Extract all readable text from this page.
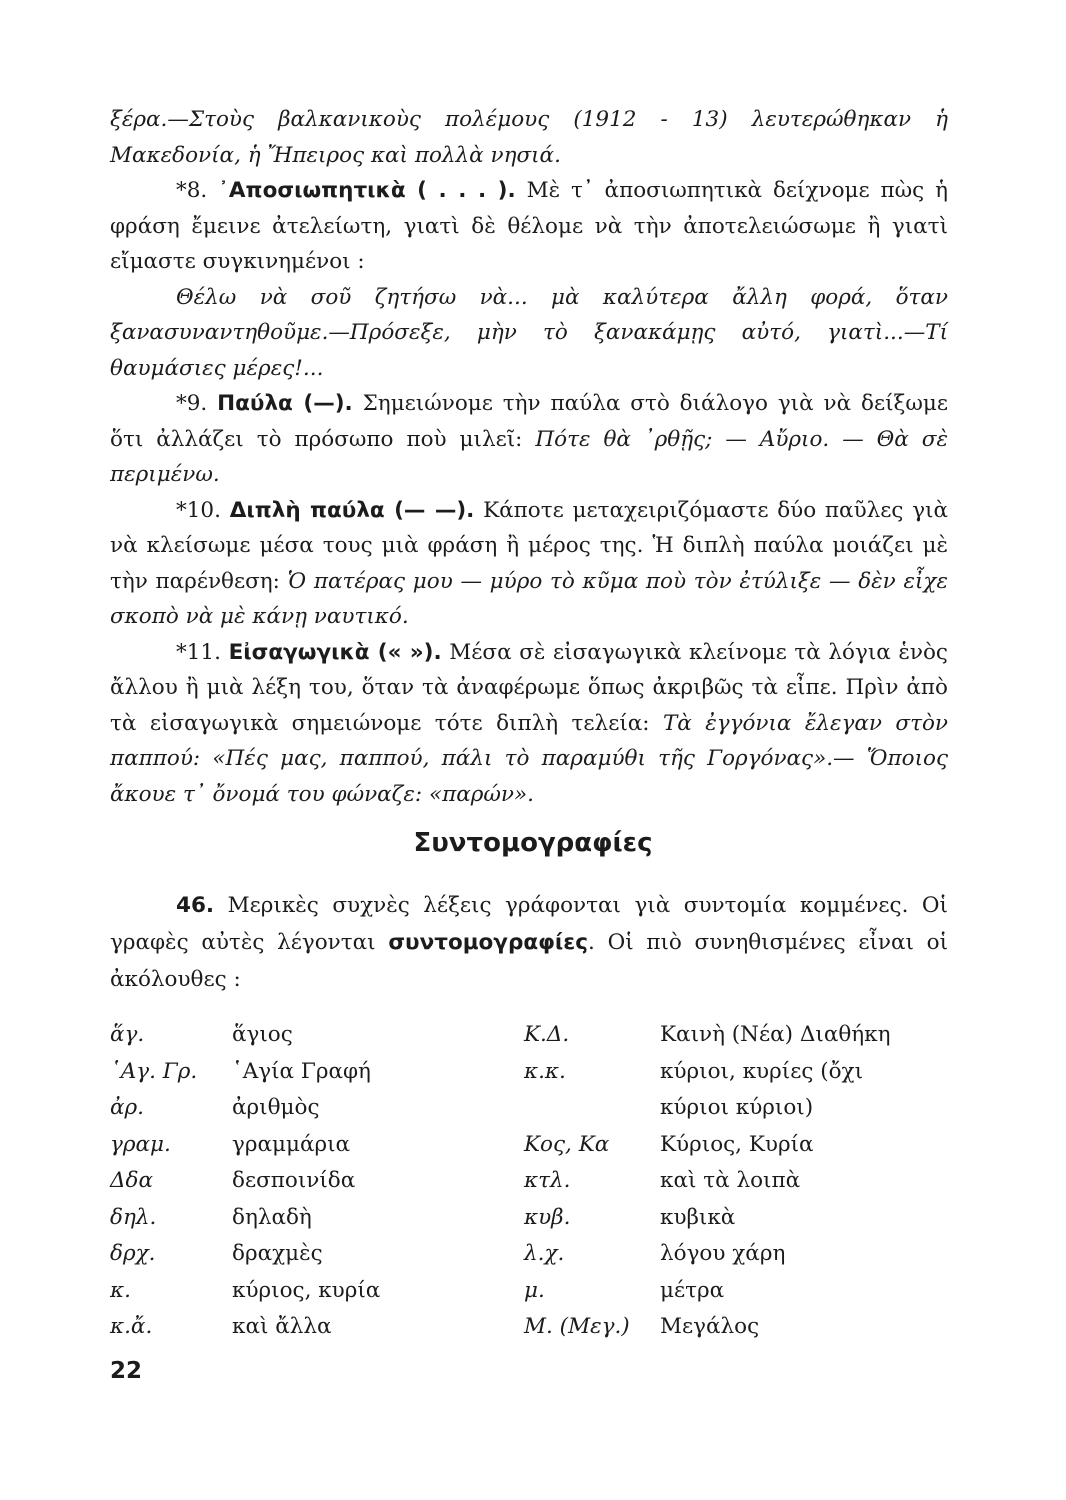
ξέρα.—Στοὺς βαλκανικοὺς πολέμους (1912 - 13) λευτερώθηκαν ἡ Μακεδονία, ἡ Ἤπειρος καὶ πολλὰ νησιά.

*8. ᾿Αποσιωπητικὰ ( . . . ). Μὲ τ᾿ ἀποσιωπητικὰ δείχνομε πὼς ἡ φράση ἔμεινε ἀτελείωτη, γιατὶ δὲ θέλομε νὰ τὴν ἀποτελειώσωμε ἢ γιατὶ εἴμαστε συγκινημένοι :

Θέλω νὰ σοῦ ζητήσω νὰ... μὰ καλύτερα ἄλλη φορά, ὅταν ξανασυναντηθοῦμε.—Πρόσεξε, μὴν τὸ ξανακάμῃς αὐτό, γιατὶ...—Τί θαυμάσιες μέρες!...

*9. Παύλα (—). Σημειώνομε τὴν παύλα στὸ διάλογο γιὰ νὰ δείξωμε ὅτι ἀλλάζει τὸ πρόσωπο ποὺ μιλεῖ: Πότε θὰ ᾿ρθῇς; — Αὔριο. — Θὰ σὲ περιμένω.

*10. Διπλὴ παύλα (— —). Κάποτε μεταχειριζόμαστε δύο παῦλες γιὰ νὰ κλείσωμε μέσα τους μιὰ φράση ἢ μέρος της. Ἡ διπλὴ παύλα μοιάζει μὲ τὴν παρένθεση: Ὁ πατέρας μου — μύρο τὸ κῦμα ποὺ τὸν ἐτύλιξε — δὲν εἶχε σκοπὸ νὰ μὲ κάνῃ ναυτικό.

*11. Εἰσαγωγικὰ (« »). Μέσα σὲ εἰσαγωγικὰ κλείνομε τὰ λόγια ἑνὸς ἄλλου ἢ μιὰ λέξη του, ὅταν τὰ ἀναφέρωμε ὅπως ἀκριβῶς τὰ εἶπε. Πρὶν ἀπὸ τὰ εἰσαγωγικὰ σημειώνομε τότε διπλὴ τελεία: Τὰ ἐγγόνια ἔλεγαν στὸν παππού: «Πές μας, παππού, πάλι τὸ παραμύθι τῆς Γοργόνας».— Ὅποιος ἄκουε τ᾿ ὄνομά του φώναζε: «παρών».

Συντομογραφίες

46. Μερικὲς συχνὲς λέξεις γράφονται γιὰ συντομία κομμένες. Οἱ γραφὲς αὐτὲς λέγονται συντομογραφίες. Οἱ πιὸ συνηθισμένες εἶναι οἱ ἀκόλουθες :

ἅγ.	ἅγιος	Κ.Δ.	Καινὴ (Νέα) Διαθήκη
῾Αγ. Γρ.	῾Αγία Γραφή	κ.κ.	κύριοι, κυρίες (ὄχι
ἀρ.	ἀριθμὸς		κύριοι κύριοι)
γραμ.	γραμμάρια	Κος, Κα	Κύριος, Κυρία
Δδα	δεσποινίδα	κτλ.	καὶ τὰ λοιπὰ
δηλ.	δηλαδὴ	κυβ.	κυβικὰ
δρχ.	δραχμὲς	λ.χ.	λόγου χάρη
κ.	κύριος, κυρία	μ.	μέτρα
κ.ἄ.	καὶ ἄλλα	Μ. (Μεγ.)	Μεγάλος
22
